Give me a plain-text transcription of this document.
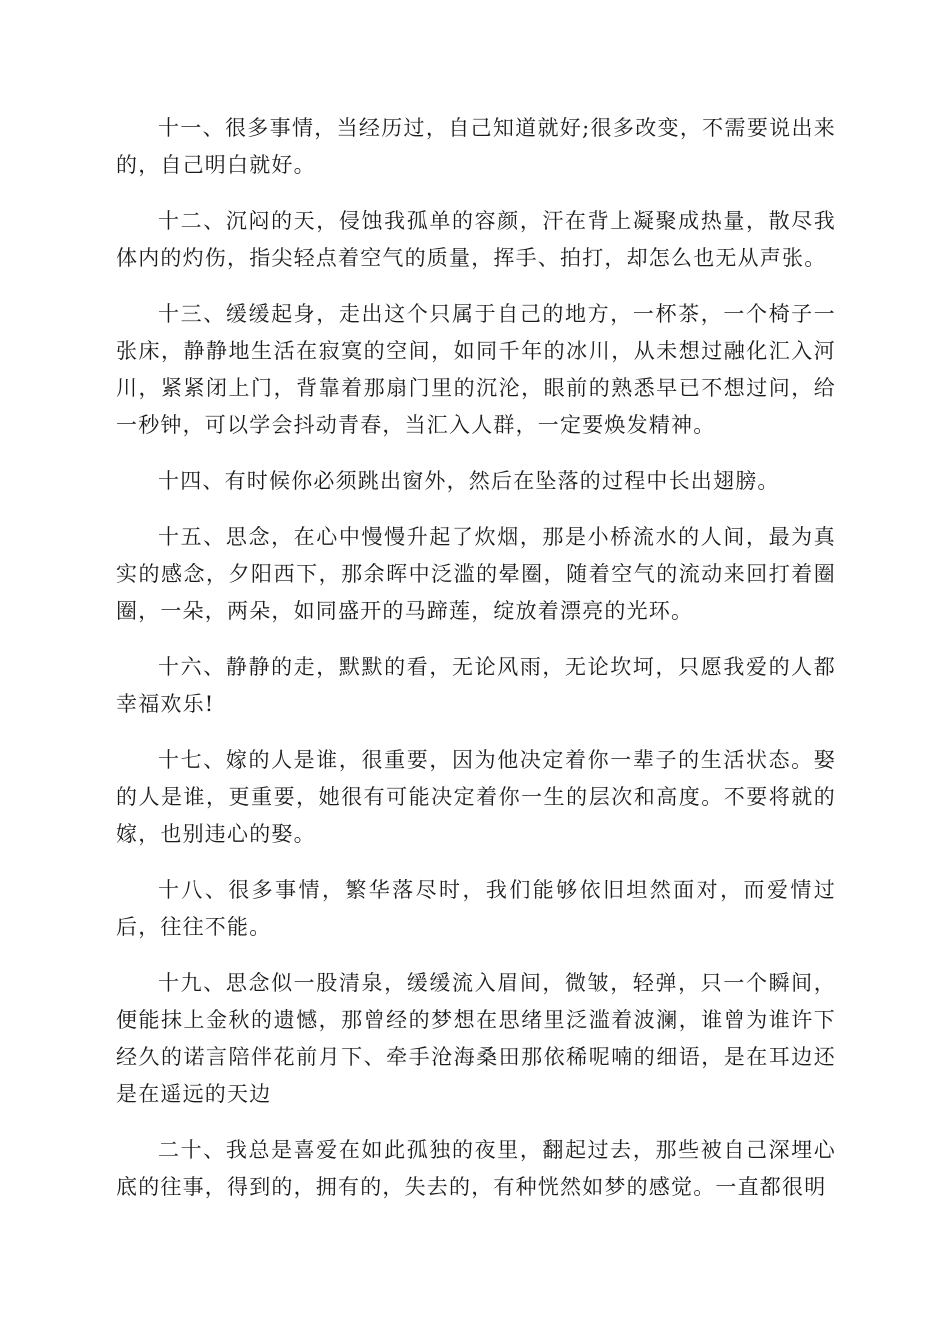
十一、很多事情，当经历过，自己知道就好;很多改变，不需要说出来的，自己明白就好。

十二、沉闷的天，侵蚀我孤单的容颜，汗在背上凝聚成热量，散尽我体内的灼伤，指尖轻点着空气的质量，挥手、拍打，却怎么也无从声张。

十三、缓缓起身，走出这个只属于自己的地方，一杯茶，一个椅子一张床，静静地生活在寂寞的空间，如同千年的冰川，从未想过融化汇入河川，紧紧闭上门，背靠着那扇门里的沉沦，眼前的熟悉早已不想过问，给一秒钟，可以学会抖动青春，当汇入人群，一定要焕发精神。

十四、有时候你必须跳出窗外，然后在坠落的过程中长出翅膀。

十五、思念，在心中慢慢升起了炊烟，那是小桥流水的人间，最为真实的感念，夕阳西下，那余晖中泛滥的晕圈，随着空气的流动来回打着圈圈，一朵，两朵，如同盛开的马蹄莲，绽放着漂亮的光环。

十六、静静的走，默默的看，无论风雨，无论坎坷，只愿我爱的人都幸福欢乐!

十七、嫁的人是谁，很重要，因为他决定着你一辈子的生活状态。娶的人是谁，更重要，她很有可能决定着你一生的层次和高度。不要将就的嫁，也别违心的娶。

十八、很多事情，繁华落尽时，我们能够依旧坦然面对，而爱情过后，往往不能。

十九、思念似一股清泉，缓缓流入眉间，微皱，轻弹，只一个瞬间，便能抹上金秋的遗憾，那曾经的梦想在思绪里泛滥着波澜，谁曾为谁许下经久的诺言陪伴花前月下、牵手沧海桑田那依稀呢喃的细语，是在耳边还是在遥远的天边

二十、我总是喜爱在如此孤独的夜里，翻起过去，那些被自己深埋心底的往事，得到的，拥有的，失去的，有种恍然如梦的感觉。一直都很明
